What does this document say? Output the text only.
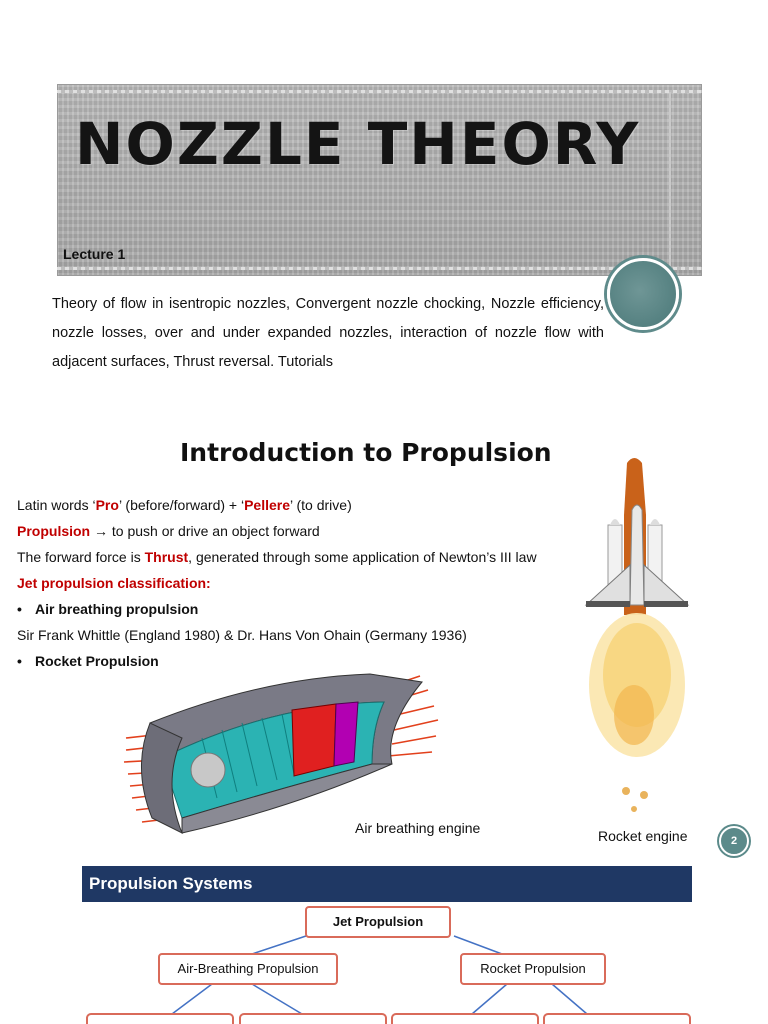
NOZZLE THEORY
Lecture 1
Theory of flow in isentropic nozzles, Convergent nozzle chocking, Nozzle efficiency, nozzle losses, over and under expanded nozzles, interaction of nozzle flow with adjacent surfaces, Thrust reversal. Tutorials
Introduction to Propulsion
Latin words ‘Pro’ (before/forward) + ‘Pellere’ (to drive)
Propulsion → to push or drive an object forward
The forward force is Thrust, generated through some application of Newton’s III law
Jet propulsion classification:
• Air breathing propulsion
Sir Frank Whittle (England 1980) & Dr. Hans Von Ohain (Germany 1936)
• Rocket Propulsion
Air breathing engine	Rocket engine	2
Propulsion Systems
Jet Propulsion
Air-Breathing Propulsion	Rocket Propulsion
